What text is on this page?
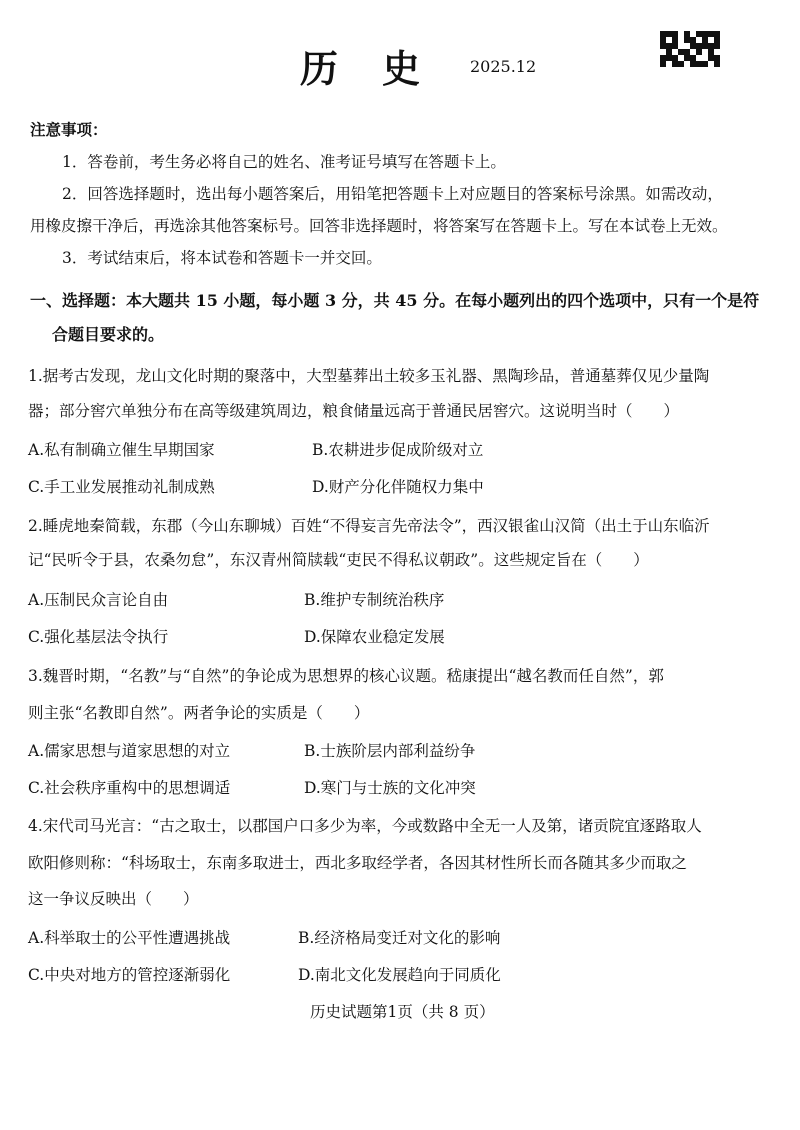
历史 2025.12
注意事项：
1．答卷前，考生务必将自己的姓名、准考证号填写在答题卡上。
2．回答选择题时，选出每小题答案后，用铅笔把答题卡上对应题目的答案标号涂黑。如需改动，
用橡皮擦干净后，再选涂其他答案标号。回答非选择题时，将答案写在答题卡上。写在本试卷上无效。
3．考试结束后，将本试卷和答题卡一并交回。
一、选择题：本大题共 15 小题，每小题 3 分，共 45 分。在每小题列出的四个选项中，只有一个是符
合题目要求的。
1.据考古发现，龙山文化时期的聚落中，大型墓葬出土较多玉礼器、黑陶珍品，普通墓葬仅见少量陶
器；部分窖穴单独分布在高等级建筑周边，粮食储量远高于普通民居窖穴。这说明当时（　　）
A.私有制确立催生早期国家	B.农耕进步促成阶级对立
C.手工业发展推动礼制成熟	D.财产分化伴随权力集中
2.睡虎地秦简载，东郡（今山东聊城）百姓“不得妄言先帝法令”，西汉银雀山汉简（出土于山东临沂
记“民听令于县，农桑勿怠”，东汉青州简牍载“吏民不得私议朝政”。这些规定旨在（　　）
A.压制民众言论自由	B.维护专制统治秩序
C.强化基层法令执行	D.保障农业稳定发展
3.魏晋时期，“名教”与“自然”的争论成为思想界的核心议题。嵇康提出“越名教而任自然”，郭
则主张“名教即自然”。两者争论的实质是（　　）
A.儒家思想与道家思想的对立	B.士族阶层内部利益纷争
C.社会秩序重构中的思想调适	D.寒门与士族的文化冲突
4.宋代司马光言：“古之取士，以郡国户口多少为率，今或数路中全无一人及第，诸贡院宜逐路取人
欧阳修则称：“科场取士，东南多取进士，西北多取经学者，各因其材性所长而各随其多少而取之
这一争议反映出（　　）
A.科举取士的公平性遭遇挑战	B.经济格局变迁对文化的影响
C.中央对地方的管控逐渐弱化	D.南北文化发展趋向于同质化
历史试题第1页（共 8 页）
